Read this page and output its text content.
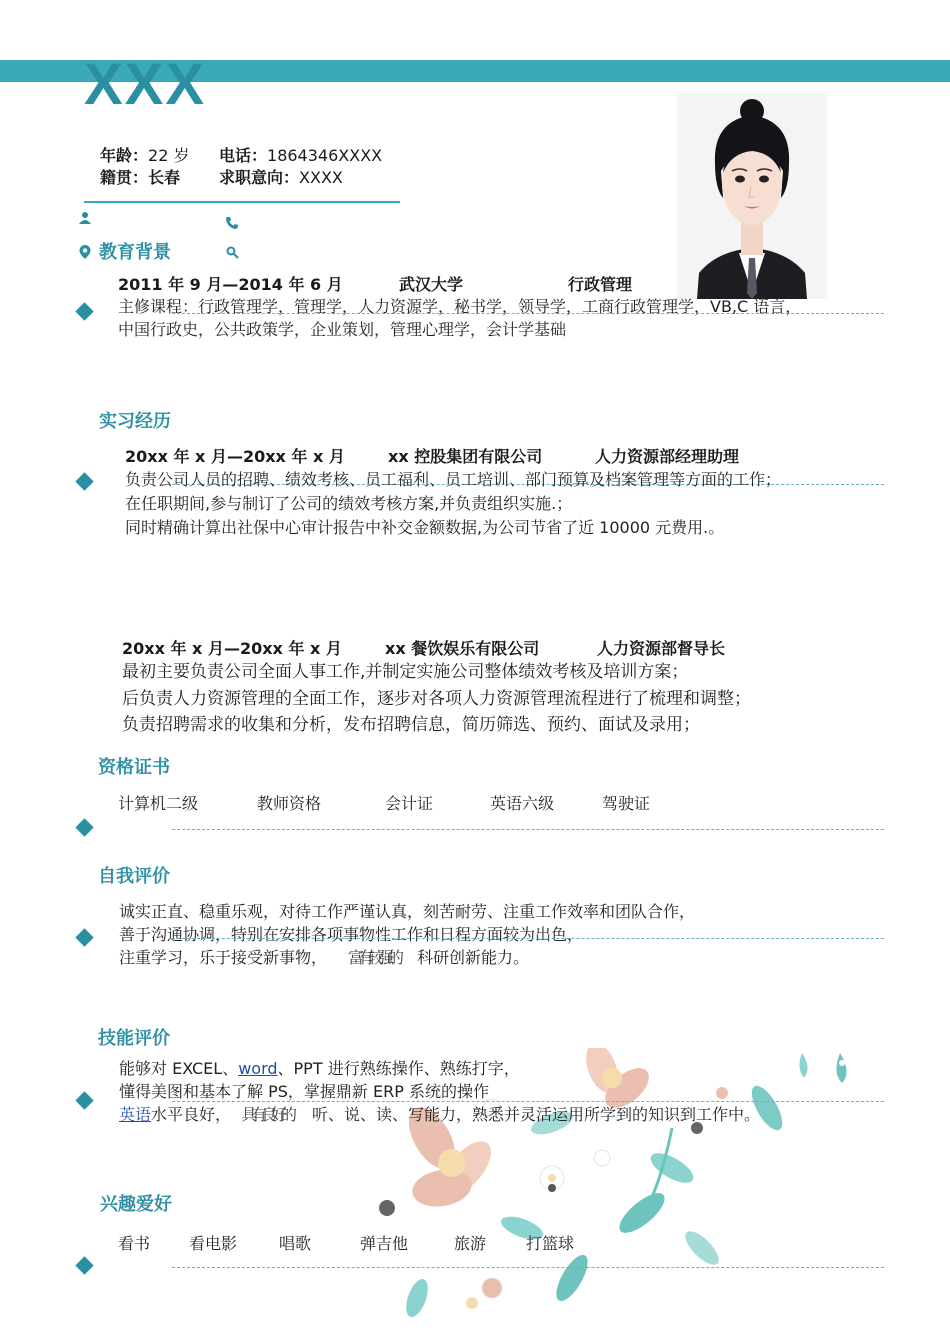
XXX
年龄：22 岁 电话：1864346XXXX
籍贯：长春 求职意向：XXXX
教育背景
2011 年 9 月—2014 年 6 月	武汉大学	行政管理
主修课程：行政管理学，管理学，人力资源学，秘书学，领导学，工商行政管理学，VB,C 语言，
中国行政史，公共政策学，企业策划，管理心理学，会计学基础
实习经历
20xx 年 x 月—20xx 年 x 月	xx 控股集团有限公司	人力资源部经理助理
负责公司人员的招聘、绩效考核、员工福利、员工培训、部门预算及档案管理等方面的工作；
在任职期间,参与制订了公司的绩效考核方案,并负责组织实施.；
同时精确计算出社保中心审计报告中补交金额数据,为公司节省了近 10000 元费用.。
20xx 年 x 月—20xx 年 x 月	xx 餐饮娱乐有限公司	人力资源部督导长
最初主要负责公司全面人事工作,并制定实施公司整体绩效考核及培训方案；
后负责人力资源管理的全面工作，逐步对各项人力资源管理流程进行了梳理和调整；
负责招聘需求的收集和分析，发布招聘信息，简历筛选、预约、面试及录用；
资格证书
计算机二级	教师资格	会计证	英语六级	驾驶证
自我评价
诚实正直、稳重乐观，对待工作严谨认真，刻苦耐劳、注重工作效率和团队合作，
善于沟通协调，特别在安排各项事物性工作和日程方面较为出色，
注重学习，乐于接受新事物， 富有较强的 科研创新能力。
技能评价
能够对 EXCEL、word、PPT 进行熟练操作、熟练打字，
懂得美图和基本了解 PS，掌握鼎新 ERP 系统的操作
英语水平良好， 具有良好的 听、说、读、写能力，熟悉并灵活运用所学到的知识到工作中。
兴趣爱好
看书 看电影	唱歌	弹吉他	旅游 打篮球
